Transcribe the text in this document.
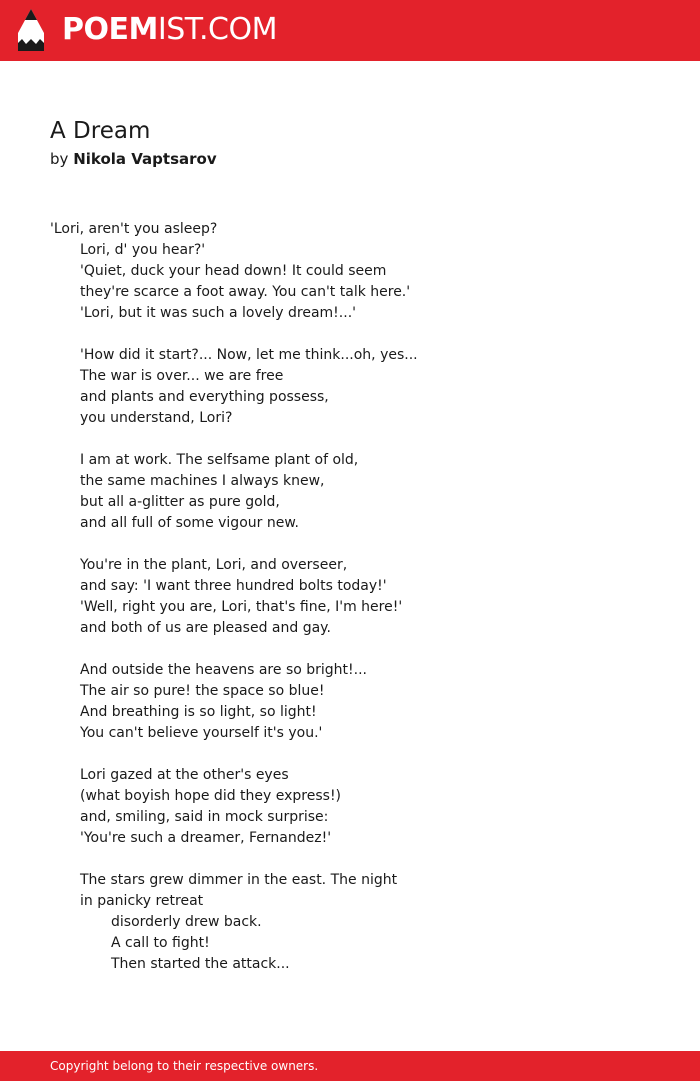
POEMIST.COM
A Dream
by Nikola Vaptsarov
'Lori, aren't you asleep?
Lori, d' you hear?'
'Quiet, duck your head down! It could seem
they're scarce a foot away. You can't talk here.'
'Lori, but it was such a lovely dream!...'
'How did it start?... Now, let me think...oh, yes...
The war is over... we are free
and plants and everything possess,
you understand, Lori?
I am at work. The selfsame plant of old,
the same machines I always knew,
but all a-glitter as pure gold,
and all full of some vigour new.
You're in the plant, Lori, and overseer,
and say: 'I want three hundred bolts today!'
'Well, right you are, Lori, that's fine, I'm here!'
and both of us are pleased and gay.
And outside the heavens are so bright!...
The air so pure! the space so blue!
And breathing is so light, so light!
You can't believe yourself it's you.'
Lori gazed at the other's eyes
(what boyish hope did they express!)
and, smiling, said in mock surprise:
'You're such a dreamer, Fernandez!'
The stars grew dimmer in the east. The night
in panicky retreat
disorderly drew back.
A call to fight!
Then started the attack...
Copyright belong to their respective owners.
